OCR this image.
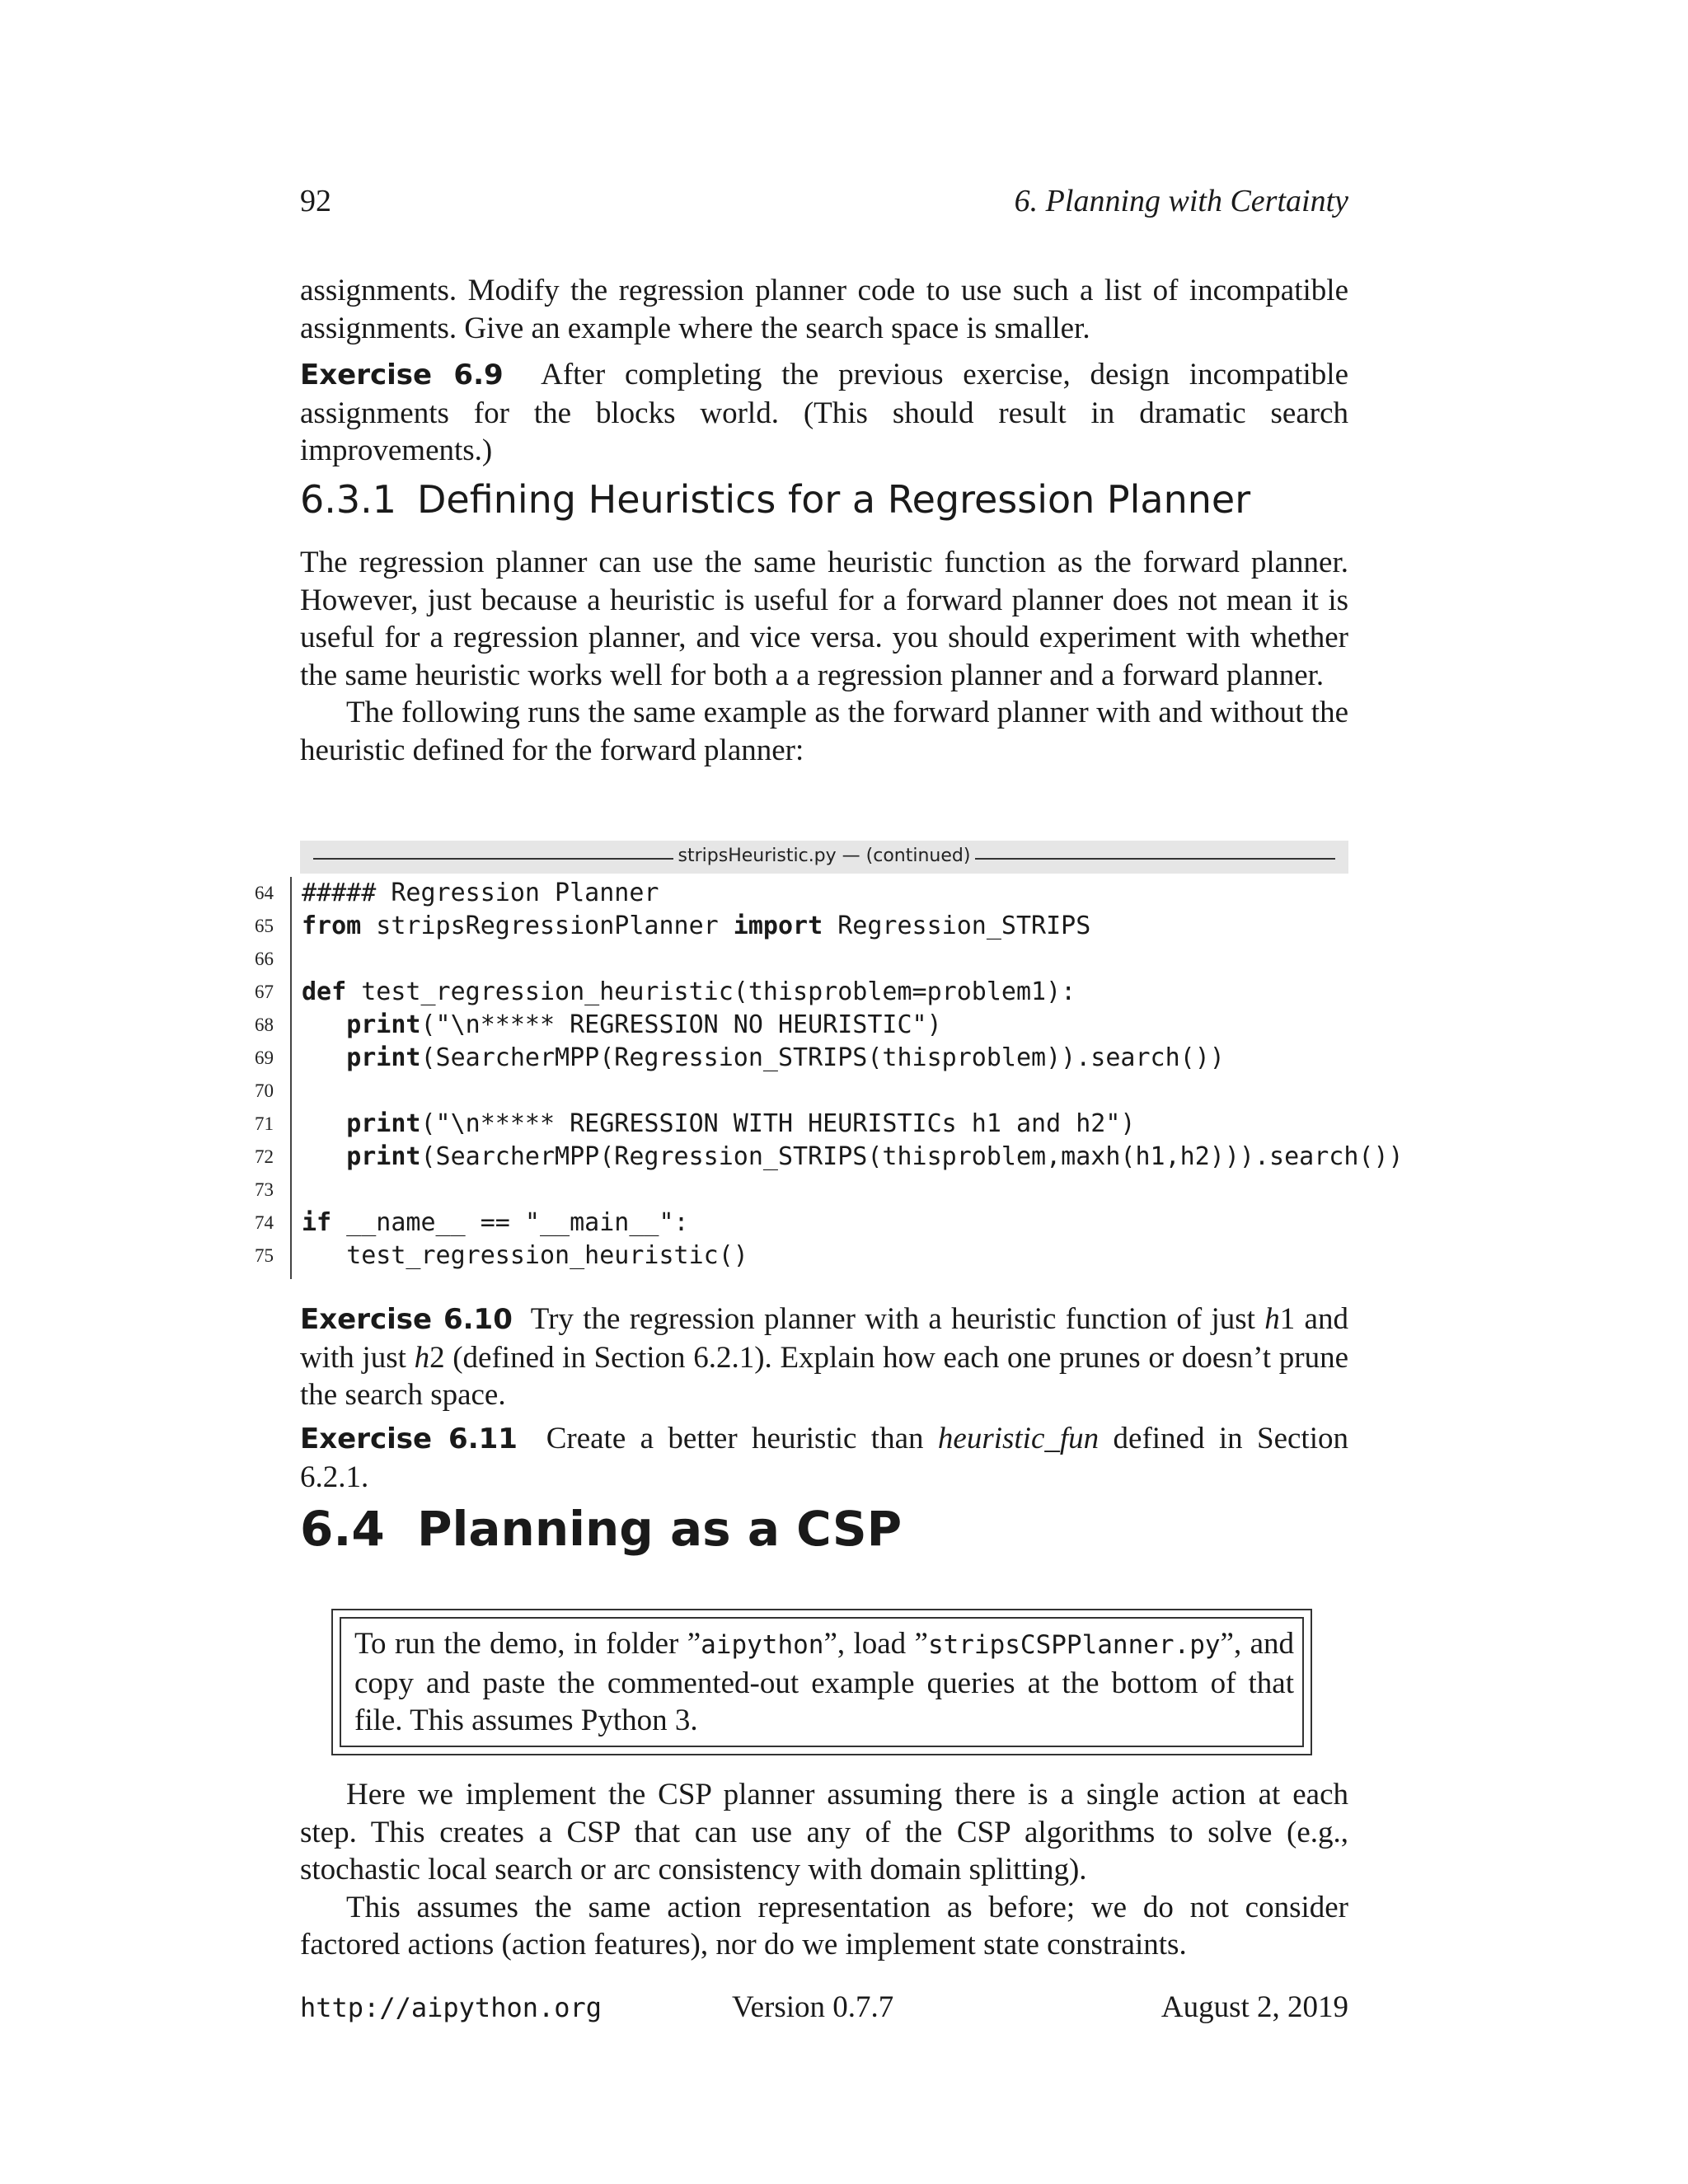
92	6. Planning with Certainty

assignments. Modify the regression planner code to use such a list of incompatible assignments. Give an example where the search space is smaller.

Exercise 6.9 After completing the previous exercise, design incompatible assignments for the blocks world. (This should result in dramatic search improvements.)

6.3.1 Defining Heuristics for a Regression Planner

The regression planner can use the same heuristic function as the forward planner. However, just because a heuristic is useful for a forward planner does not mean it is useful for a regression planner, and vice versa. you should experiment with whether the same heuristic works well for both a a regression planner and a forward planner.

The following runs the same example as the forward planner with and without the heuristic defined for the forward planner:

stripsHeuristic.py — (continued)
64 ##### Regression Planner
65 from stripsRegressionPlanner import Regression_STRIPS
66
67 def test_regression_heuristic(thisproblem=problem1):
68	print("\n***** REGRESSION NO HEURISTIC")
69	print(SearcherMPP(Regression_STRIPS(thisproblem)).search())
70
71	print("\n***** REGRESSION WITH HEURISTICs h1 and h2")
72	print(SearcherMPP(Regression_STRIPS(thisproblem,maxh(h1,h2))).search())
73
74 if __name__ == "__main__":
75	test_regression_heuristic()

Exercise 6.10 Try the regression planner with a heuristic function of just h1 and with just h2 (defined in Section 6.2.1). Explain how each one prunes or doesn’t prune the search space.

Exercise 6.11 Create a better heuristic than heuristic_fun defined in Section 6.2.1.

6.4 Planning as a CSP
To run the demo, in folder ”aipython”, load ”stripsCSPPlanner.py”, and copy and paste the commented-out example queries at the bottom of that file. This assumes Python 3.

Here we implement the CSP planner assuming there is a single action at each step. This creates a CSP that can use any of the CSP algorithms to solve (e.g., stochastic local search or arc consistency with domain splitting).

This assumes the same action representation as before; we do not consider factored actions (action features), nor do we implement state constraints.

http://aipython.org	Version 0.7.7	August 2, 2019
